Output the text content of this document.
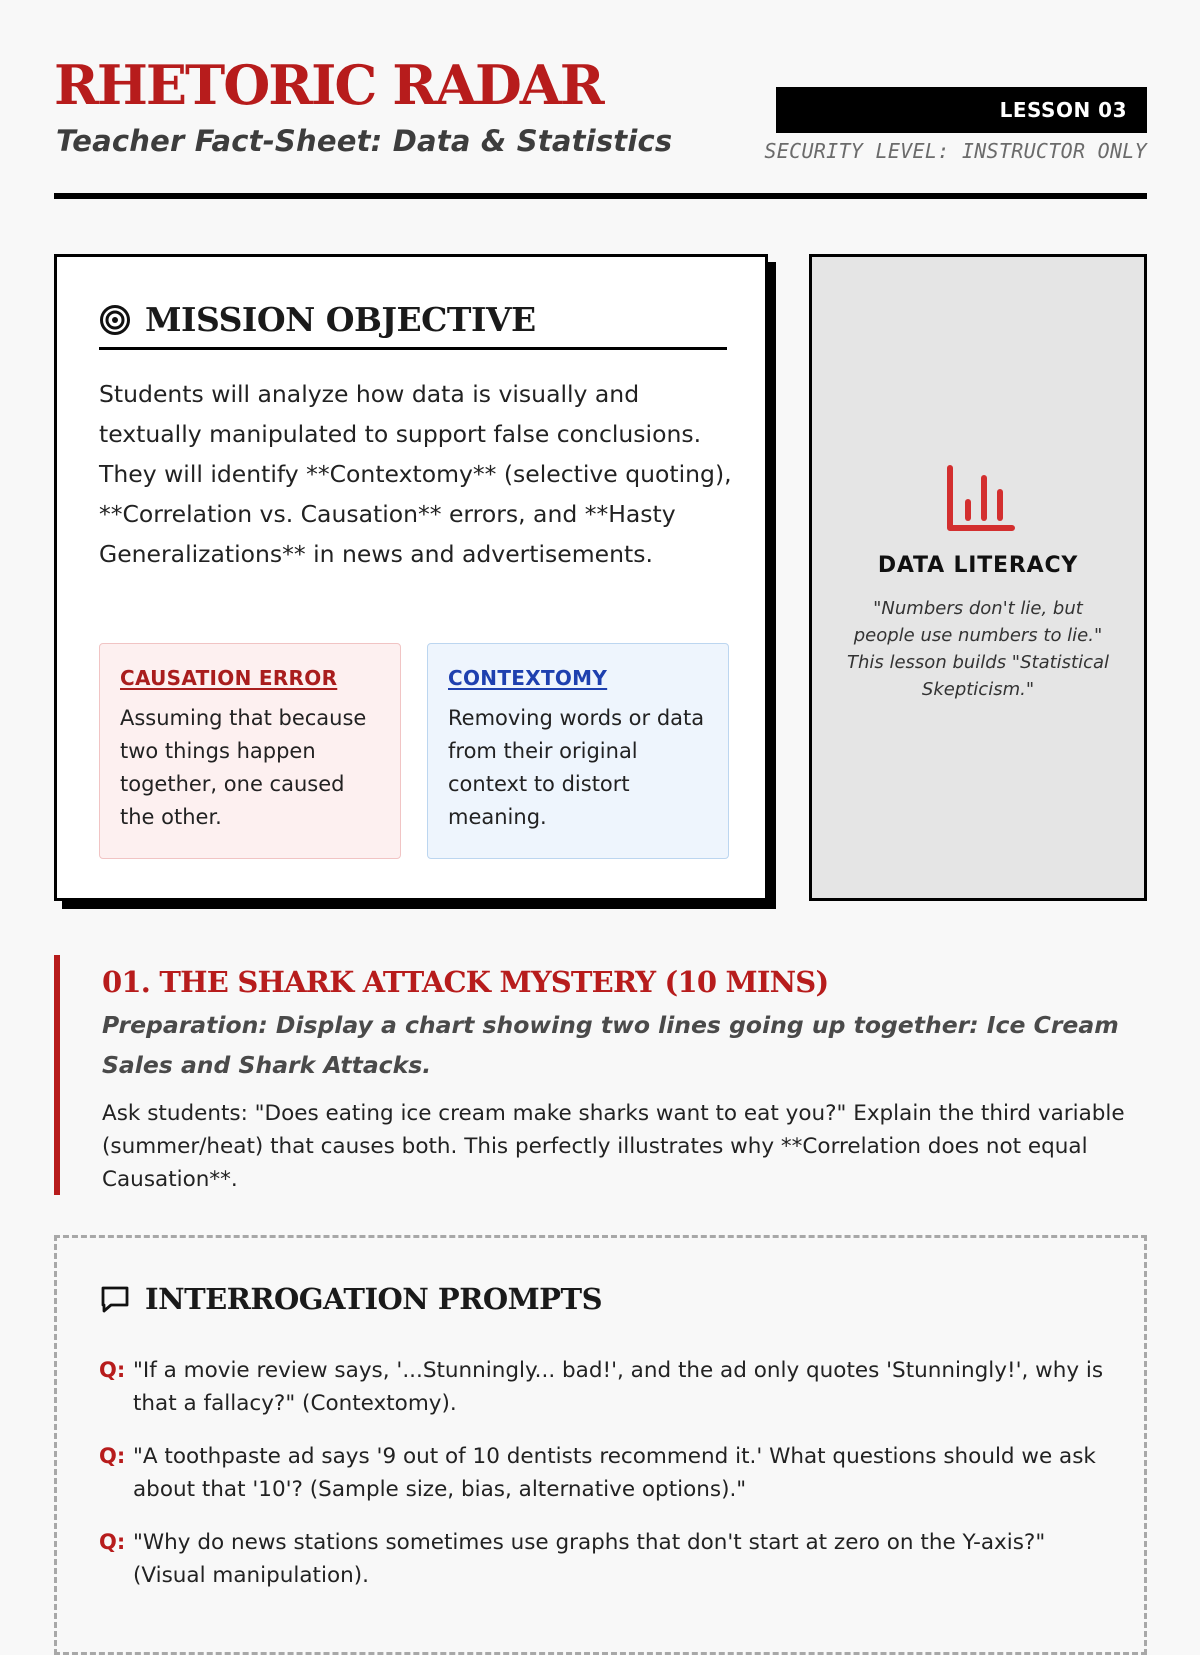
RHETORIC RADAR
Teacher Fact-Sheet: Data & Statistics
LESSON 03
SECURITY LEVEL: INSTRUCTOR ONLY
MISSION OBJECTIVE
Students will analyze how data is visually and textually manipulated to support false conclusions. They will identify **Contextomy** (selective quoting), **Correlation vs. Causation** errors, and **Hasty Generalizations** in news and advertisements.
CAUSATION ERROR
Assuming that because two things happen together, one caused the other.
CONTEXTOMY
Removing words or data from their original context to distort meaning.
DATA LITERACY
"Numbers don't lie, but people use numbers to lie." This lesson builds "Statistical Skepticism."
01. THE SHARK ATTACK MYSTERY (10 MINS)
Preparation: Display a chart showing two lines going up together: Ice Cream Sales and Shark Attacks.
Ask students: "Does eating ice cream make sharks want to eat you?" Explain the third variable (summer/heat) that causes both. This perfectly illustrates why **Correlation does not equal Causation**.
INTERROGATION PROMPTS
Q: "If a movie review says, '...Stunningly... bad!', and the ad only quotes 'Stunningly!', why is that a fallacy?" (Contextomy).
Q: "A toothpaste ad says '9 out of 10 dentists recommend it.' What questions should we ask about that '10'? (Sample size, bias, alternative options)."
Q: "Why do news stations sometimes use graphs that don't start at zero on the Y-axis?" (Visual manipulation).
